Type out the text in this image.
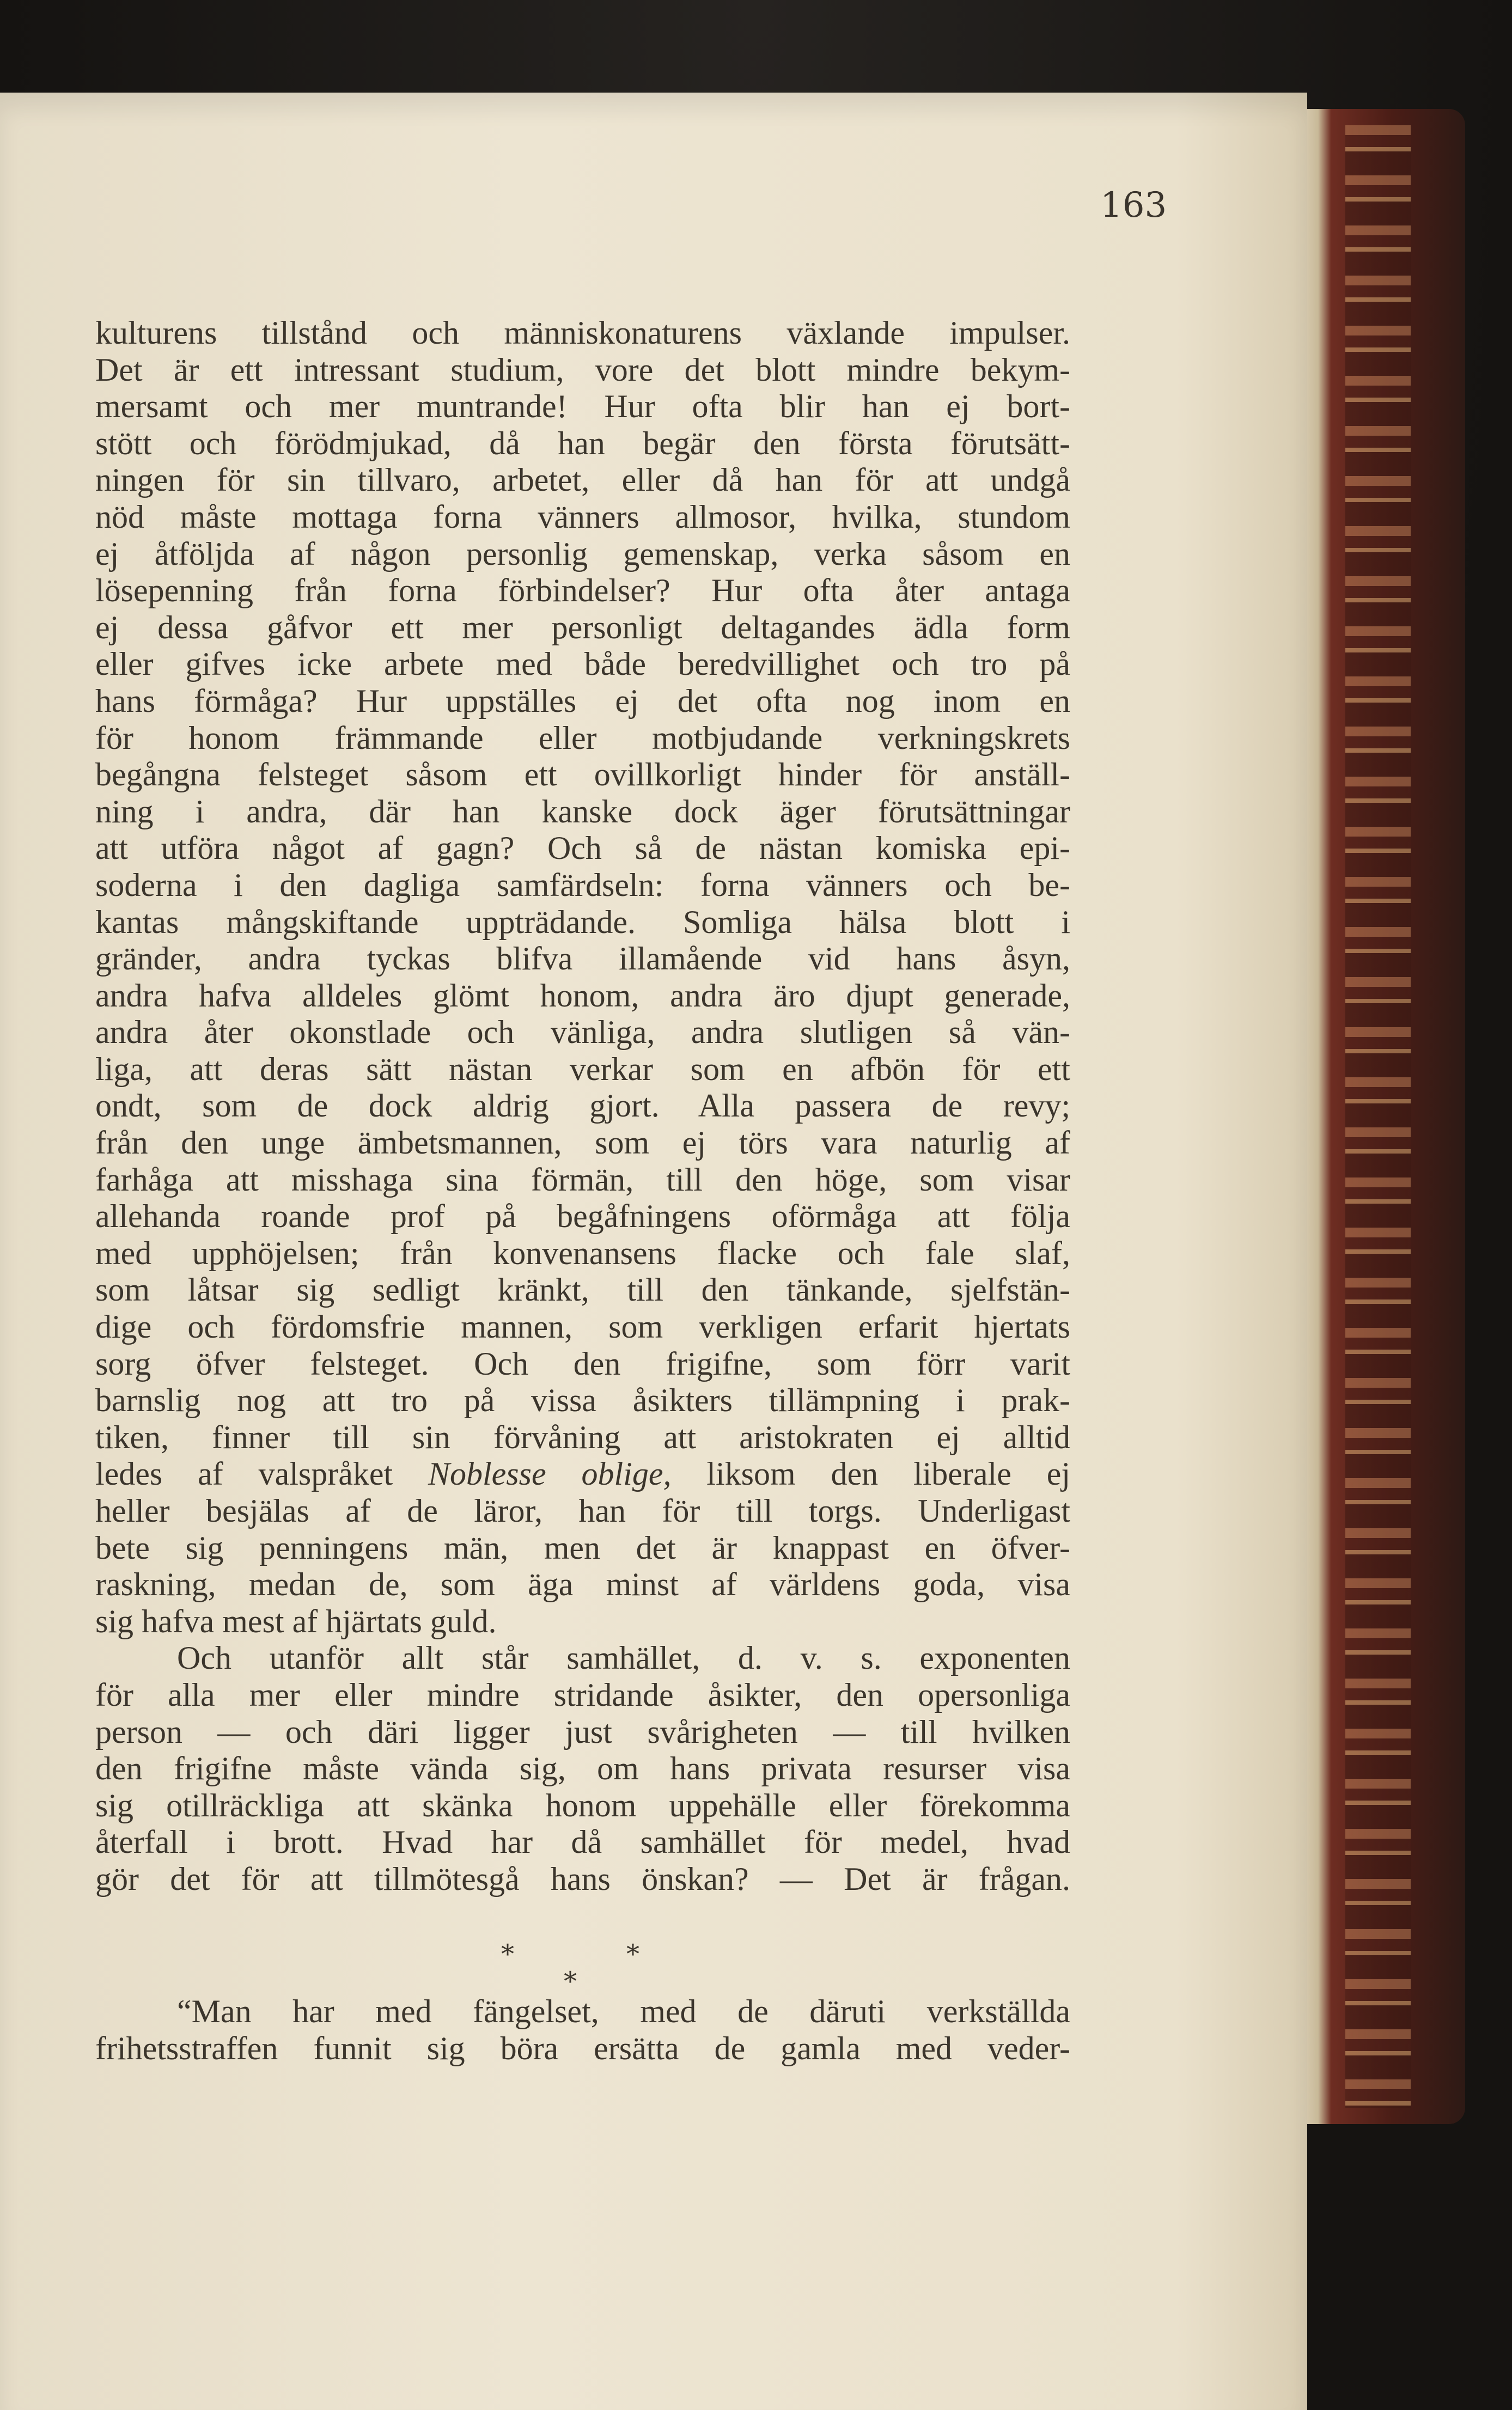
163
kulturens tillstånd och människonaturens växlande impulser.
Det är ett intressant studium, vore det blott mindre bekym-
mersamt och mer muntrande! Hur ofta blir han ej bort-
stött och förödmjukad, då han begär den första förutsätt-
ningen för sin tillvaro, arbetet, eller då han för att undgå
nöd måste mottaga forna vänners allmosor, hvilka, stundom
ej åtföljda af någon personlig gemenskap, verka såsom en
lösepenning från forna förbindelser? Hur ofta åter antaga
ej dessa gåfvor ett mer personligt deltagandes ädla form
eller gifves icke arbete med både beredvillighet och tro på
hans förmåga? Hur uppställes ej det ofta nog inom en
för honom främmande eller motbjudande verkningskrets
begångna felsteget såsom ett ovillkorligt hinder för anställ-
ning i andra, där han kanske dock äger förutsättningar
att utföra något af gagn? Och så de nästan komiska epi-
soderna i den dagliga samfärdseln: forna vänners och be-
kantas mångskiftande uppträdande. Somliga hälsa blott i
gränder, andra tyckas blifva illamående vid hans åsyn,
andra hafva alldeles glömt honom, andra äro djupt generade,
andra åter okonstlade och vänliga, andra slutligen så vän-
liga, att deras sätt nästan verkar som en afbön för ett
ondt, som de dock aldrig gjort. Alla passera de revy;
från den unge ämbetsmannen, som ej törs vara naturlig af
farhåga att misshaga sina förmän, till den höge, som visar
allehanda roande prof på begåfningens oförmåga att följa
med upphöjelsen; från konvenansens flacke och fale slaf,
som låtsar sig sedligt kränkt, till den tänkande, sjelfstän-
dige och fördomsfrie mannen, som verkligen erfarit hjertats
sorg öfver felsteget. Och den frigifne, som förr varit
barnslig nog att tro på vissa åsikters tillämpning i prak-
tiken, finner till sin förvåning att aristokraten ej alltid
ledes af valspråket Noblesse oblige, liksom den liberale ej
heller besjälas af de läror, han för till torgs. Underligast
bete sig penningens män, men det är knappast en öfver-
raskning, medan de, som äga minst af världens goda, visa
sig hafva mest af hjärtats guld.
Och utanför allt står samhället, d. v. s. exponenten
för alla mer eller mindre stridande åsikter, den opersonliga
person — och däri ligger just svårigheten — till hvilken
den frigifne måste vända sig, om hans privata resurser visa
sig otillräckliga att skänka honom uppehälle eller förekomma
återfall i brott. Hvad har då samhället för medel, hvad
gör det för att tillmötesgå hans önskan? — Det är frågan.
*	*
*
“Man har med fängelset, med de däruti verkställda
frihetsstraffen funnit sig böra ersätta de gamla med veder-
